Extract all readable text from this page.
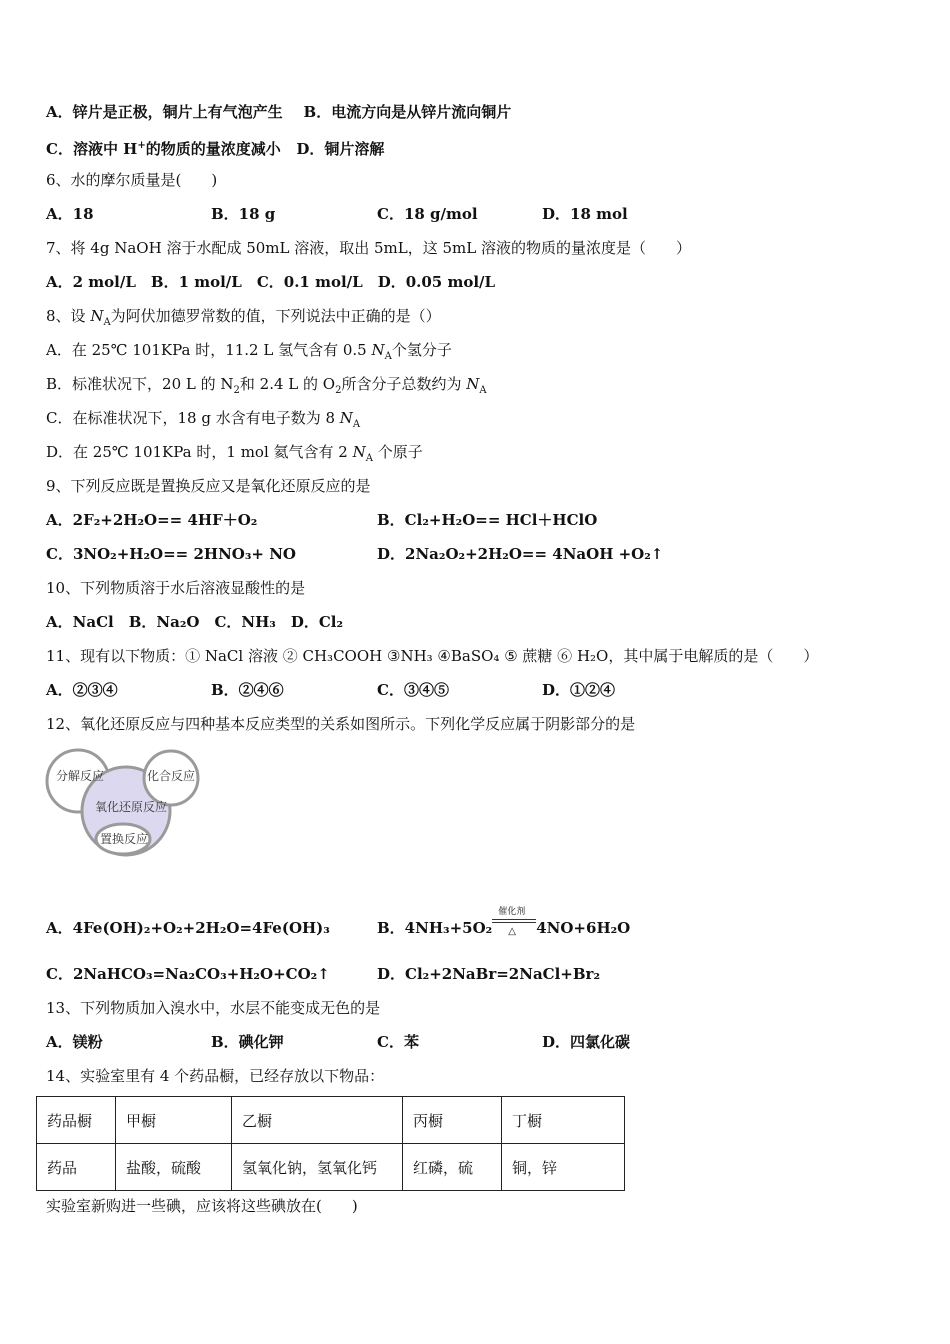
A．锌片是正极，铜片上有气泡产生 B．电流方向是从锌片流向铜片
C．溶液中 H+的物质的量浓度减小 D．铜片溶解
6、水的摩尔质量是(　　)
A．18	B．18 g	C．18 g/mol	D．18 mol
7、将 4g NaOH 溶于水配成 50mL 溶液，取出 5mL，这 5mL 溶液的物质的量浓度是（　　）
A．2 mol/L　B．1 mol/L　C．0.1 mol/L　D．0.05 mol/L
8、设 $N_A$为阿伏加德罗常数的值，下列说法中正确的是（）
A．在 25℃ 101KPa 时，11.2 L 氢气含有 0.5 $N_A$个氢分子
B．标准状况下，20 L 的 $N_2$和 2.4 L 的 $O_2$所含分子总数约为 $N_A$
C．在标准状况下，18 g 水含有电子数为 8 $N_A$
D．在 25℃ 101KPa 时，1 mol 氦气含有 2 $N_A$ 个原子
9、下列反应既是置换反应又是氧化还原反应的是
A．2F₂+2H₂O== 4HF＋O₂	B．Cl₂+H₂O== HCl＋HClO
C．3NO₂+H₂O== 2HNO₃+ NO	D．2Na₂O₂+2H₂O== 4NaOH +O₂↑
10、下列物质溶于水后溶液显酸性的是
A．NaCl　B．Na₂O　C．NH₃　D．Cl₂
11、现有以下物质：① NaCl 溶液 ② CH₃COOH ③NH₃ ④BaSO₄ ⑤ 蔗糖 ⑥ H₂O，其中属于电解质的是（　　）
A．②③④	B．②④⑥	C．③④⑤	D．①②④
12、氧化还原反应与四种基本反应类型的关系如图所示。下列化学反应属于阴影部分的是
分解反应	化合反应
氧化还原反应
置换反应
A．4Fe(OH)₂+O₂+2H₂O=4Fe(OH)₃	B．4NH₃+5O₂
催化剂
△ 4NO+6H₂O
C．2NaHCO₃=Na₂CO₃+H₂O+CO₂↑	D．Cl₂+2NaBr=2NaCl+Br₂
13、下列物质加入溴水中，水层不能变成无色的是
A．镁粉	B．碘化钾	C．苯	D．四氯化碳
14、实验室里有 4 个药品橱，已经存放以下物品：
药品橱	甲橱	乙橱	丙橱	丁橱
药品	盐酸，硫酸	氢氧化钠，氢氧化钙	红磷，硫	铜，锌
实验室新购进一些碘，应该将这些碘放在(　　)
